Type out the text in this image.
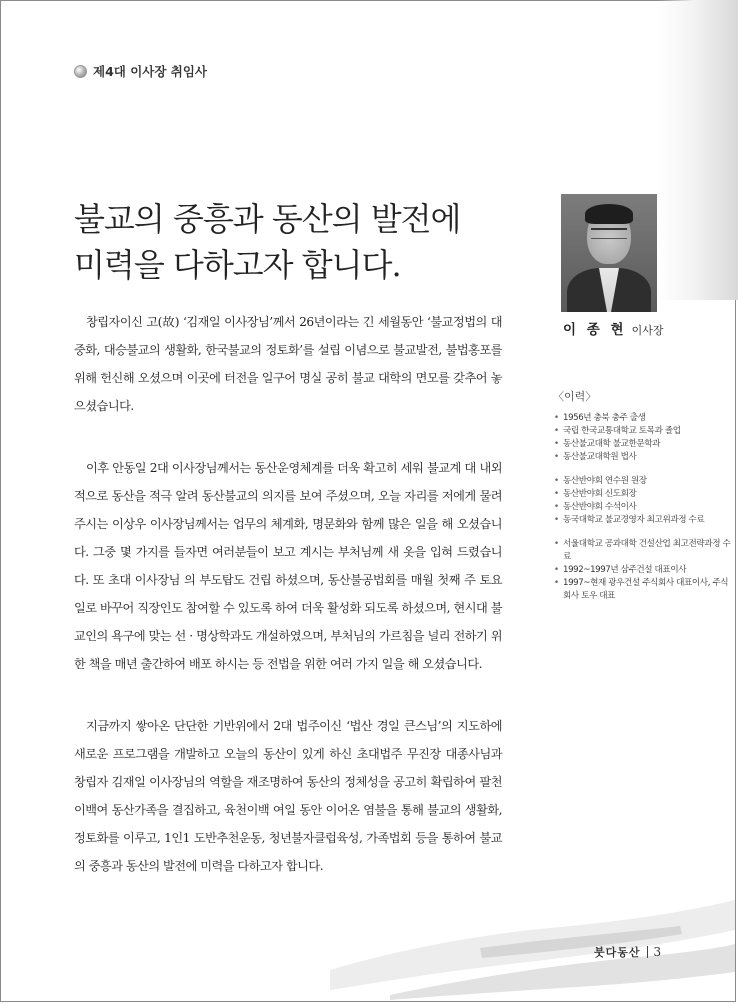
제4대 이사장 취임사
불교의 중흥과 동산의 발전에
미력을 다하고자 합니다.

창립자이신 고(故) ‘김재일 이사장님’께서 26년이라는 긴 세월동안 ‘불교정법의 대중화, 대승불교의 생활화, 한국불교의 정토화’를 설립 이념으로 불교발전, 불법홍포를 위해 헌신해 오셨으며 이곳에 터전을 일구어 명실 공히 불교 대학의 면모를 갖추어 놓으셨습니다.

이후 안동일 2대 이사장님께서는 동산운영체계를 더욱 확고히 세워 불교계 대 내외적으로 동산을 적극 알려 동산불교의 의지를 보여 주셨으며, 오늘 자리를 저에게 물려주시는 이상우 이사장님께서는 업무의 체계화, 명문화와 함께 많은 일을 해 오셨습니다. 그중 몇 가지를 들자면 여러분들이 보고 계시는 부처님께 새 옷을 입혀 드렸습니다. 또 초대 이사장님 의 부도탑도 건립 하셨으며, 동산불공법회를 매월 첫째 주 토요일로 바꾸어 직장인도 참여할 수 있도록 하여 더욱 활성화 되도록 하셨으며, 현시대 불교인의 욕구에 맞는 선 · 명상학과도 개설하였으며, 부처님의 가르침을 널리 전하기 위한 책을 매년 출간하여 배포 하시는 등 전법을 위한 여러 가지 일을 해 오셨습니다.

지금까지 쌓아온 단단한 기반위에서 2대 법주이신 ‘법산 경일 큰스님’의 지도하에 새로운 프로그램을 개발하고 오늘의 동산이 있게 하신 초대법주 무진장 대종사님과 창립자 김재일 이사장님의 역할을 재조명하여 동산의 정체성을 공고히 확립하여 팔천이백여 동산가족을 결집하고, 육천이백 여일 동안 이어온 염불을 통해 불교의 생활화, 정토화를 이루고, 1인1 도반추천운동, 청년불자클럽육성, 가족법회 등을 통하여 불교의 중흥과 동산의 발전에 미력을 다하고자 합니다.

이 종 현 이사장
〈이력〉
• 1956년 충북 충주 출생
• 국립 한국교통대학교 토목과 졸업
• 동산불교대학 불교한문학과
• 동산불교대학원 법사
• 동산반야회 연수원 원장
• 동산반야회 신도회장
• 동산반야회 수석이사
• 동국대학교 불교경영자 최고위과정 수료
• 서울대학교 공과대학 건설산업 최고전략과정 수료
• 1992~1997년 삼주건설 대표이사
• 1997~현재 광우건설 주식회사 대표이사, 주식회사 토우 대표
붓다동산 3
